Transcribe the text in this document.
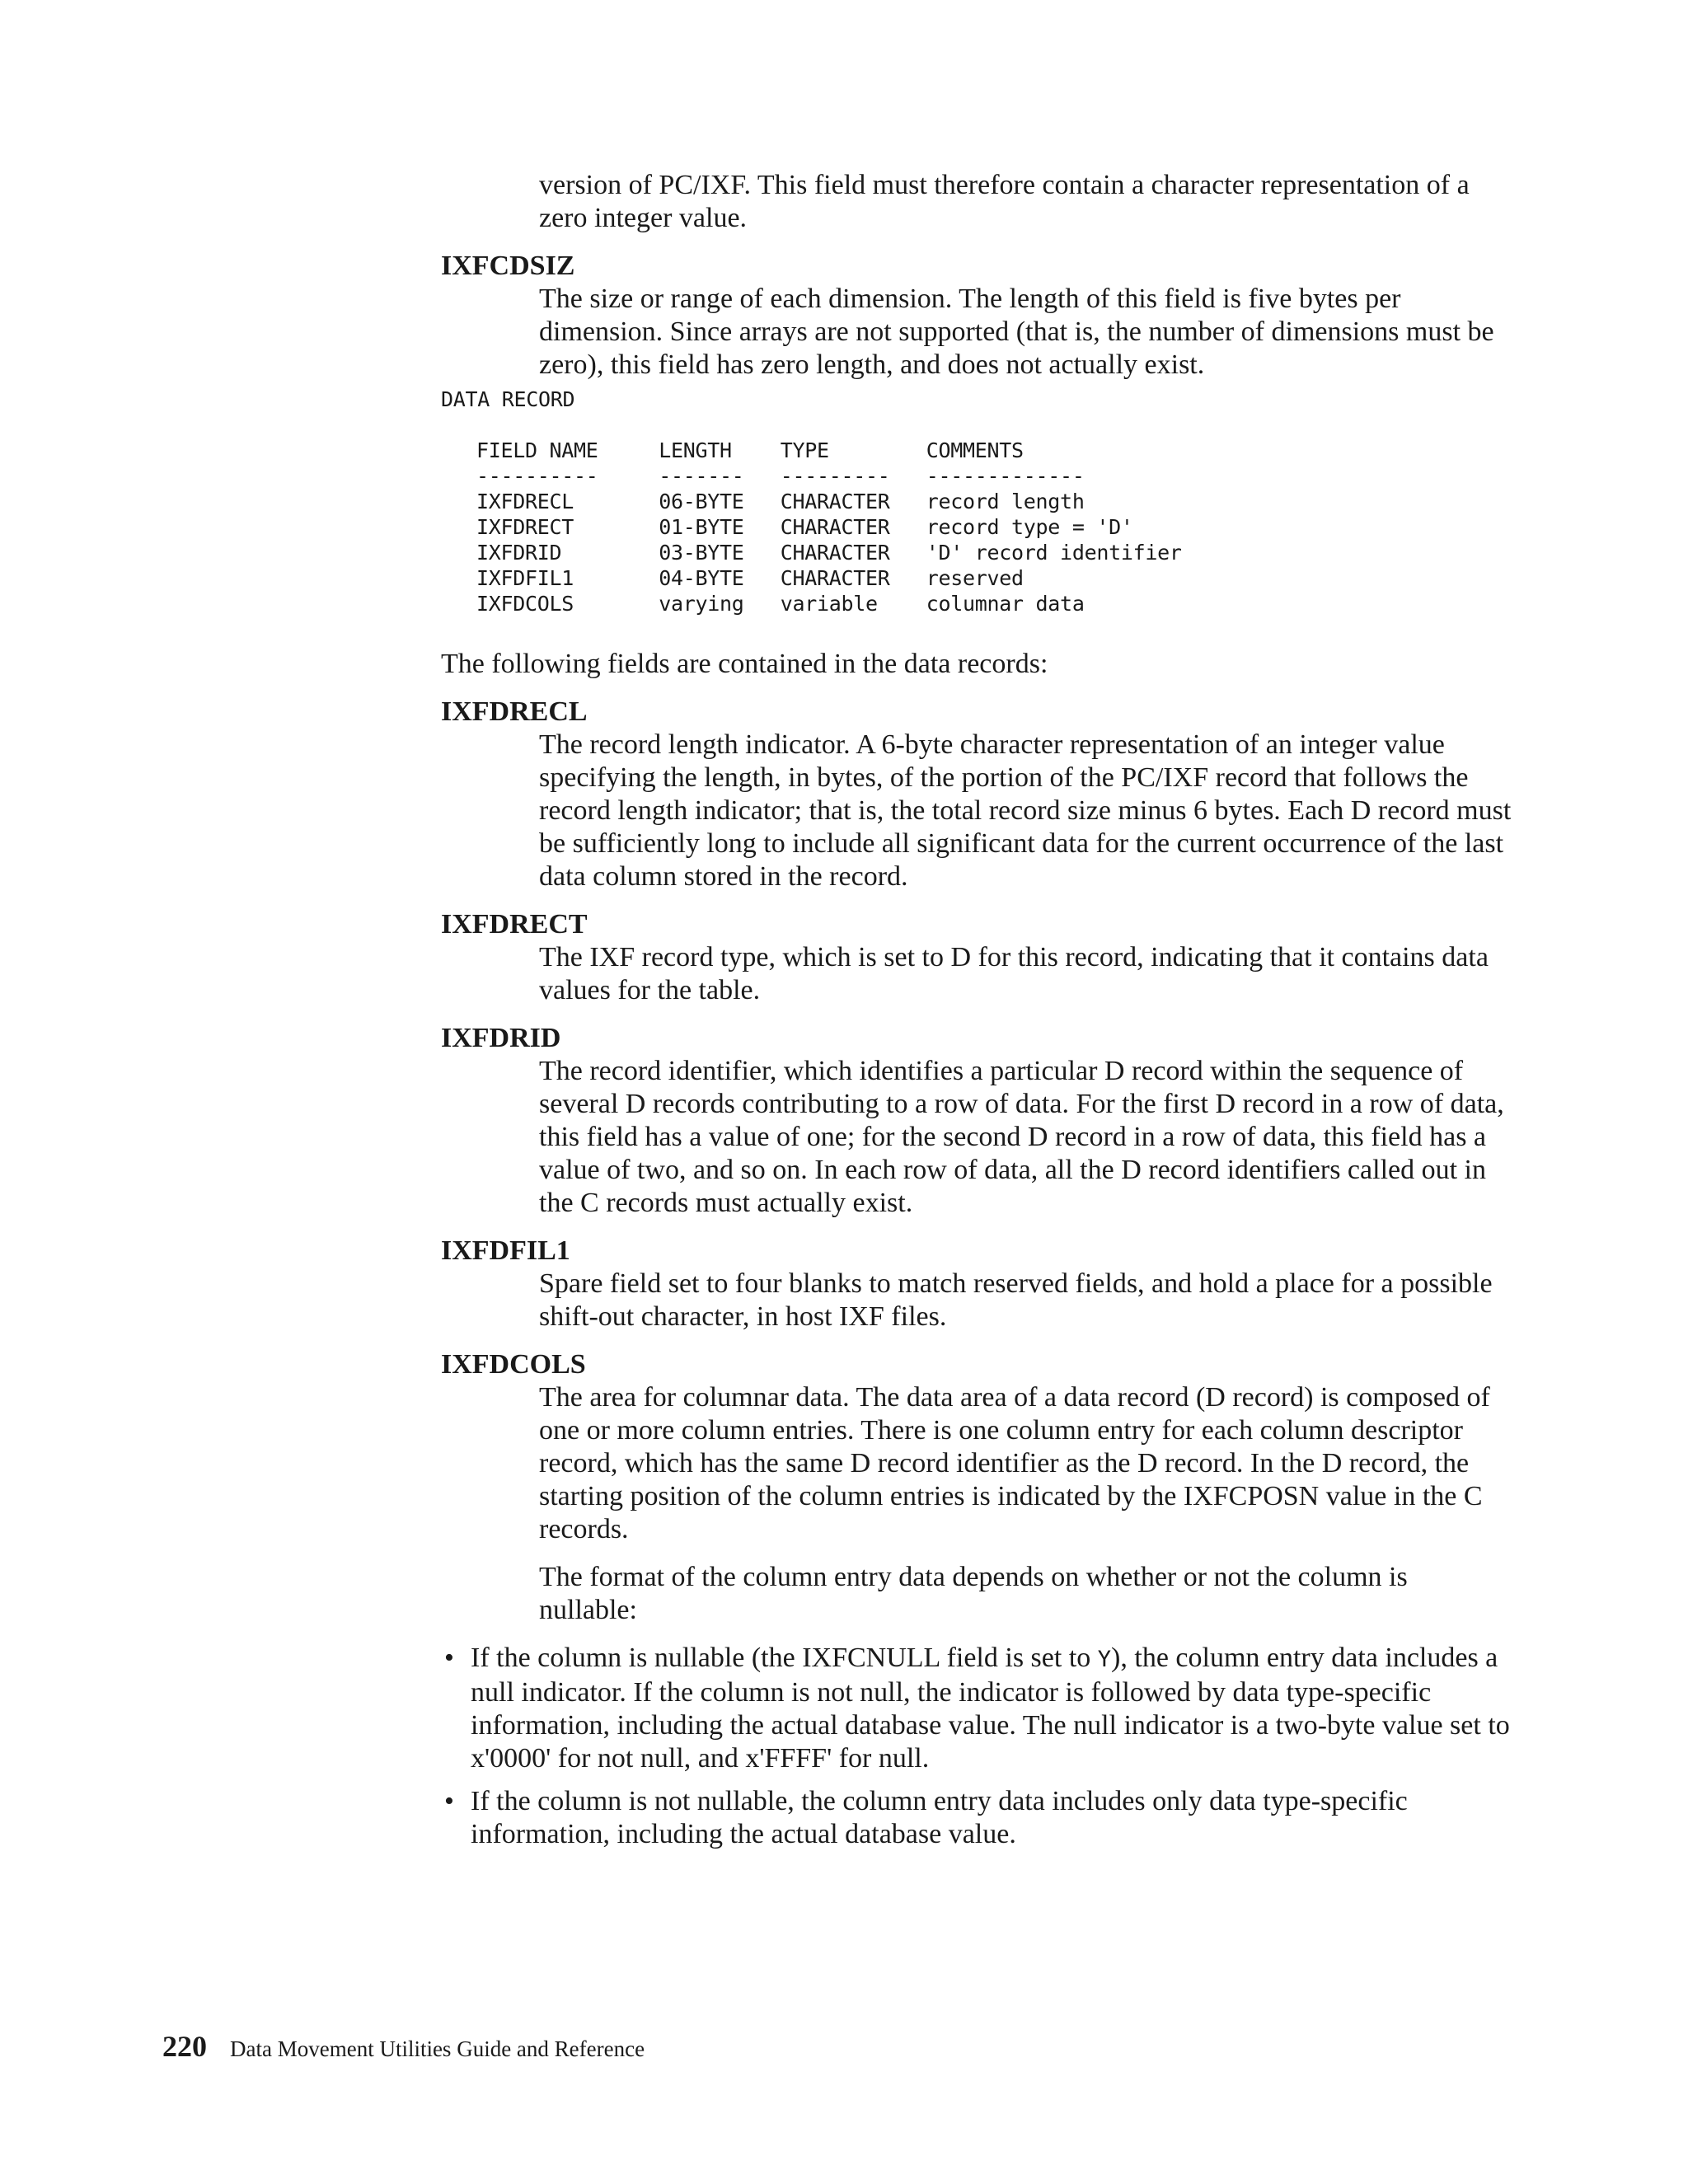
version of PC/IXF. This field must therefore contain a character representation of a zero integer value.

IXFCDSIZ

The size or range of each dimension. The length of this field is five bytes per dimension. Since arrays are not supported (that is, the number of dimensions must be zero), this field has zero length, and does not actually exist.

DATA RECORD
FIELD NAME     LENGTH    TYPE        COMMENTS
----------     -------   ---------   -------------
IXFDRECL       06-BYTE   CHARACTER   record length
IXFDRECT       01-BYTE   CHARACTER   record type = 'D'
IXFDRID        03-BYTE   CHARACTER   'D' record identifier
IXFDFIL1       04-BYTE   CHARACTER   reserved
IXFDCOLS       varying   variable    columnar data

The following fields are contained in the data records:

IXFDRECL

The record length indicator. A 6-byte character representation of an integer value specifying the length, in bytes, of the portion of the PC/IXF record that follows the record length indicator; that is, the total record size minus 6 bytes. Each D record must be sufficiently long to include all significant data for the current occurrence of the last data column stored in the record.

IXFDRECT

The IXF record type, which is set to D for this record, indicating that it contains data values for the table.

IXFDRID

The record identifier, which identifies a particular D record within the sequence of several D records contributing to a row of data. For the first D record in a row of data, this field has a value of one; for the second D record in a row of data, this field has a value of two, and so on. In each row of data, all the D record identifiers called out in the C records must actually exist.

IXFDFIL1

Spare field set to four blanks to match reserved fields, and hold a place for a possible shift-out character, in host IXF files.

IXFDCOLS

The area for columnar data. The data area of a data record (D record) is composed of one or more column entries. There is one column entry for each column descriptor record, which has the same D record identifier as the D record. In the D record, the starting position of the column entries is indicated by the IXFCPOSN value in the C records.

The format of the column entry data depends on whether or not the column is nullable:

• If the column is nullable (the IXFCNULL field is set to Y), the column entry data includes a null indicator. If the column is not null, the indicator is followed by data type-specific information, including the actual database value. The null indicator is a two-byte value set to x'0000' for not null, and x'FFFF' for null.
• If the column is not nullable, the column entry data includes only data type-specific information, including the actual database value.
220 Data Movement Utilities Guide and Reference
